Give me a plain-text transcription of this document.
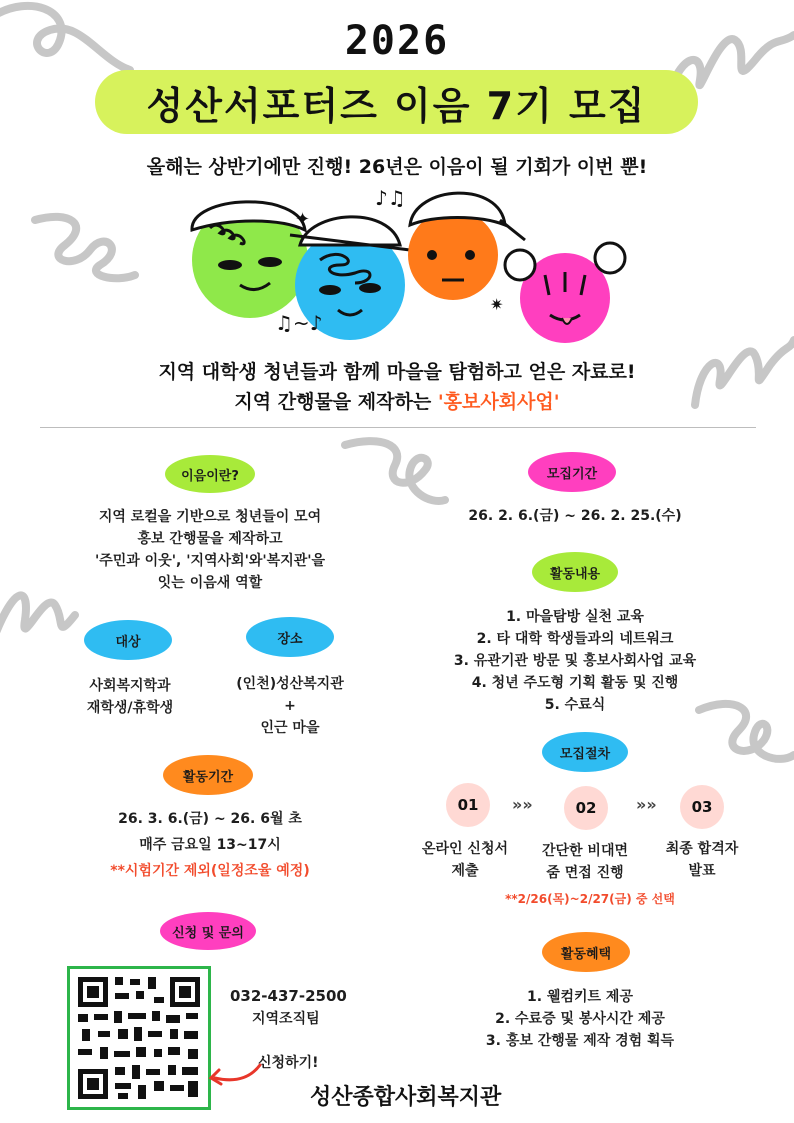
2026
성산서포터즈 이음 7기 모집
올해는 상반기에만 진행! 26년은 이음이 될 기회가 이번 뿐!
♪♫
♫~♪
✦
✷
지역 대학생 청년들과 함께 마을을 탐험하고 얻은 자료로!
지역 간행물을 제작하는 '홍보사회사업'
이음이란?
지역 로컬을 기반으로 청년들이 모여
홍보 간행물을 제작하고
'주민과 이웃', '지역사회'와'복지관'을
잇는 이음새 역할
대상
사회복지학과
재학생/휴학생
장소
(인천)성산복지관
+
인근 마을
활동기간
26. 3. 6.(금) ~ 26. 6월 초
매주 금요일 13~17시
**시험기간 제외(일정조율 예정)
신청 및 문의
032-437-2500
지역조직팀
신청하기!
모집기간
26. 2. 6.(금) ~ 26. 2. 25.(수)
활동내용
1. 마을탐방 실천 교육
2. 타 대학 학생들과의 네트워크
3. 유관기관 방문 및 홍보사회사업 교육
4. 청년 주도형 기획 활동 및 진행
5. 수료식
모집절차
01 »»	02 »» 03
온라인 신청서
제출
간단한 비대면
줌 면접 진행
최종 합격자
발표
**2/26(목)~2/27(금) 중 선택
활동혜택
1. 웰컴키트 제공
2. 수료증 및 봉사시간 제공
3. 홍보 간행물 제작 경험 획득
성산종합사회복지관
